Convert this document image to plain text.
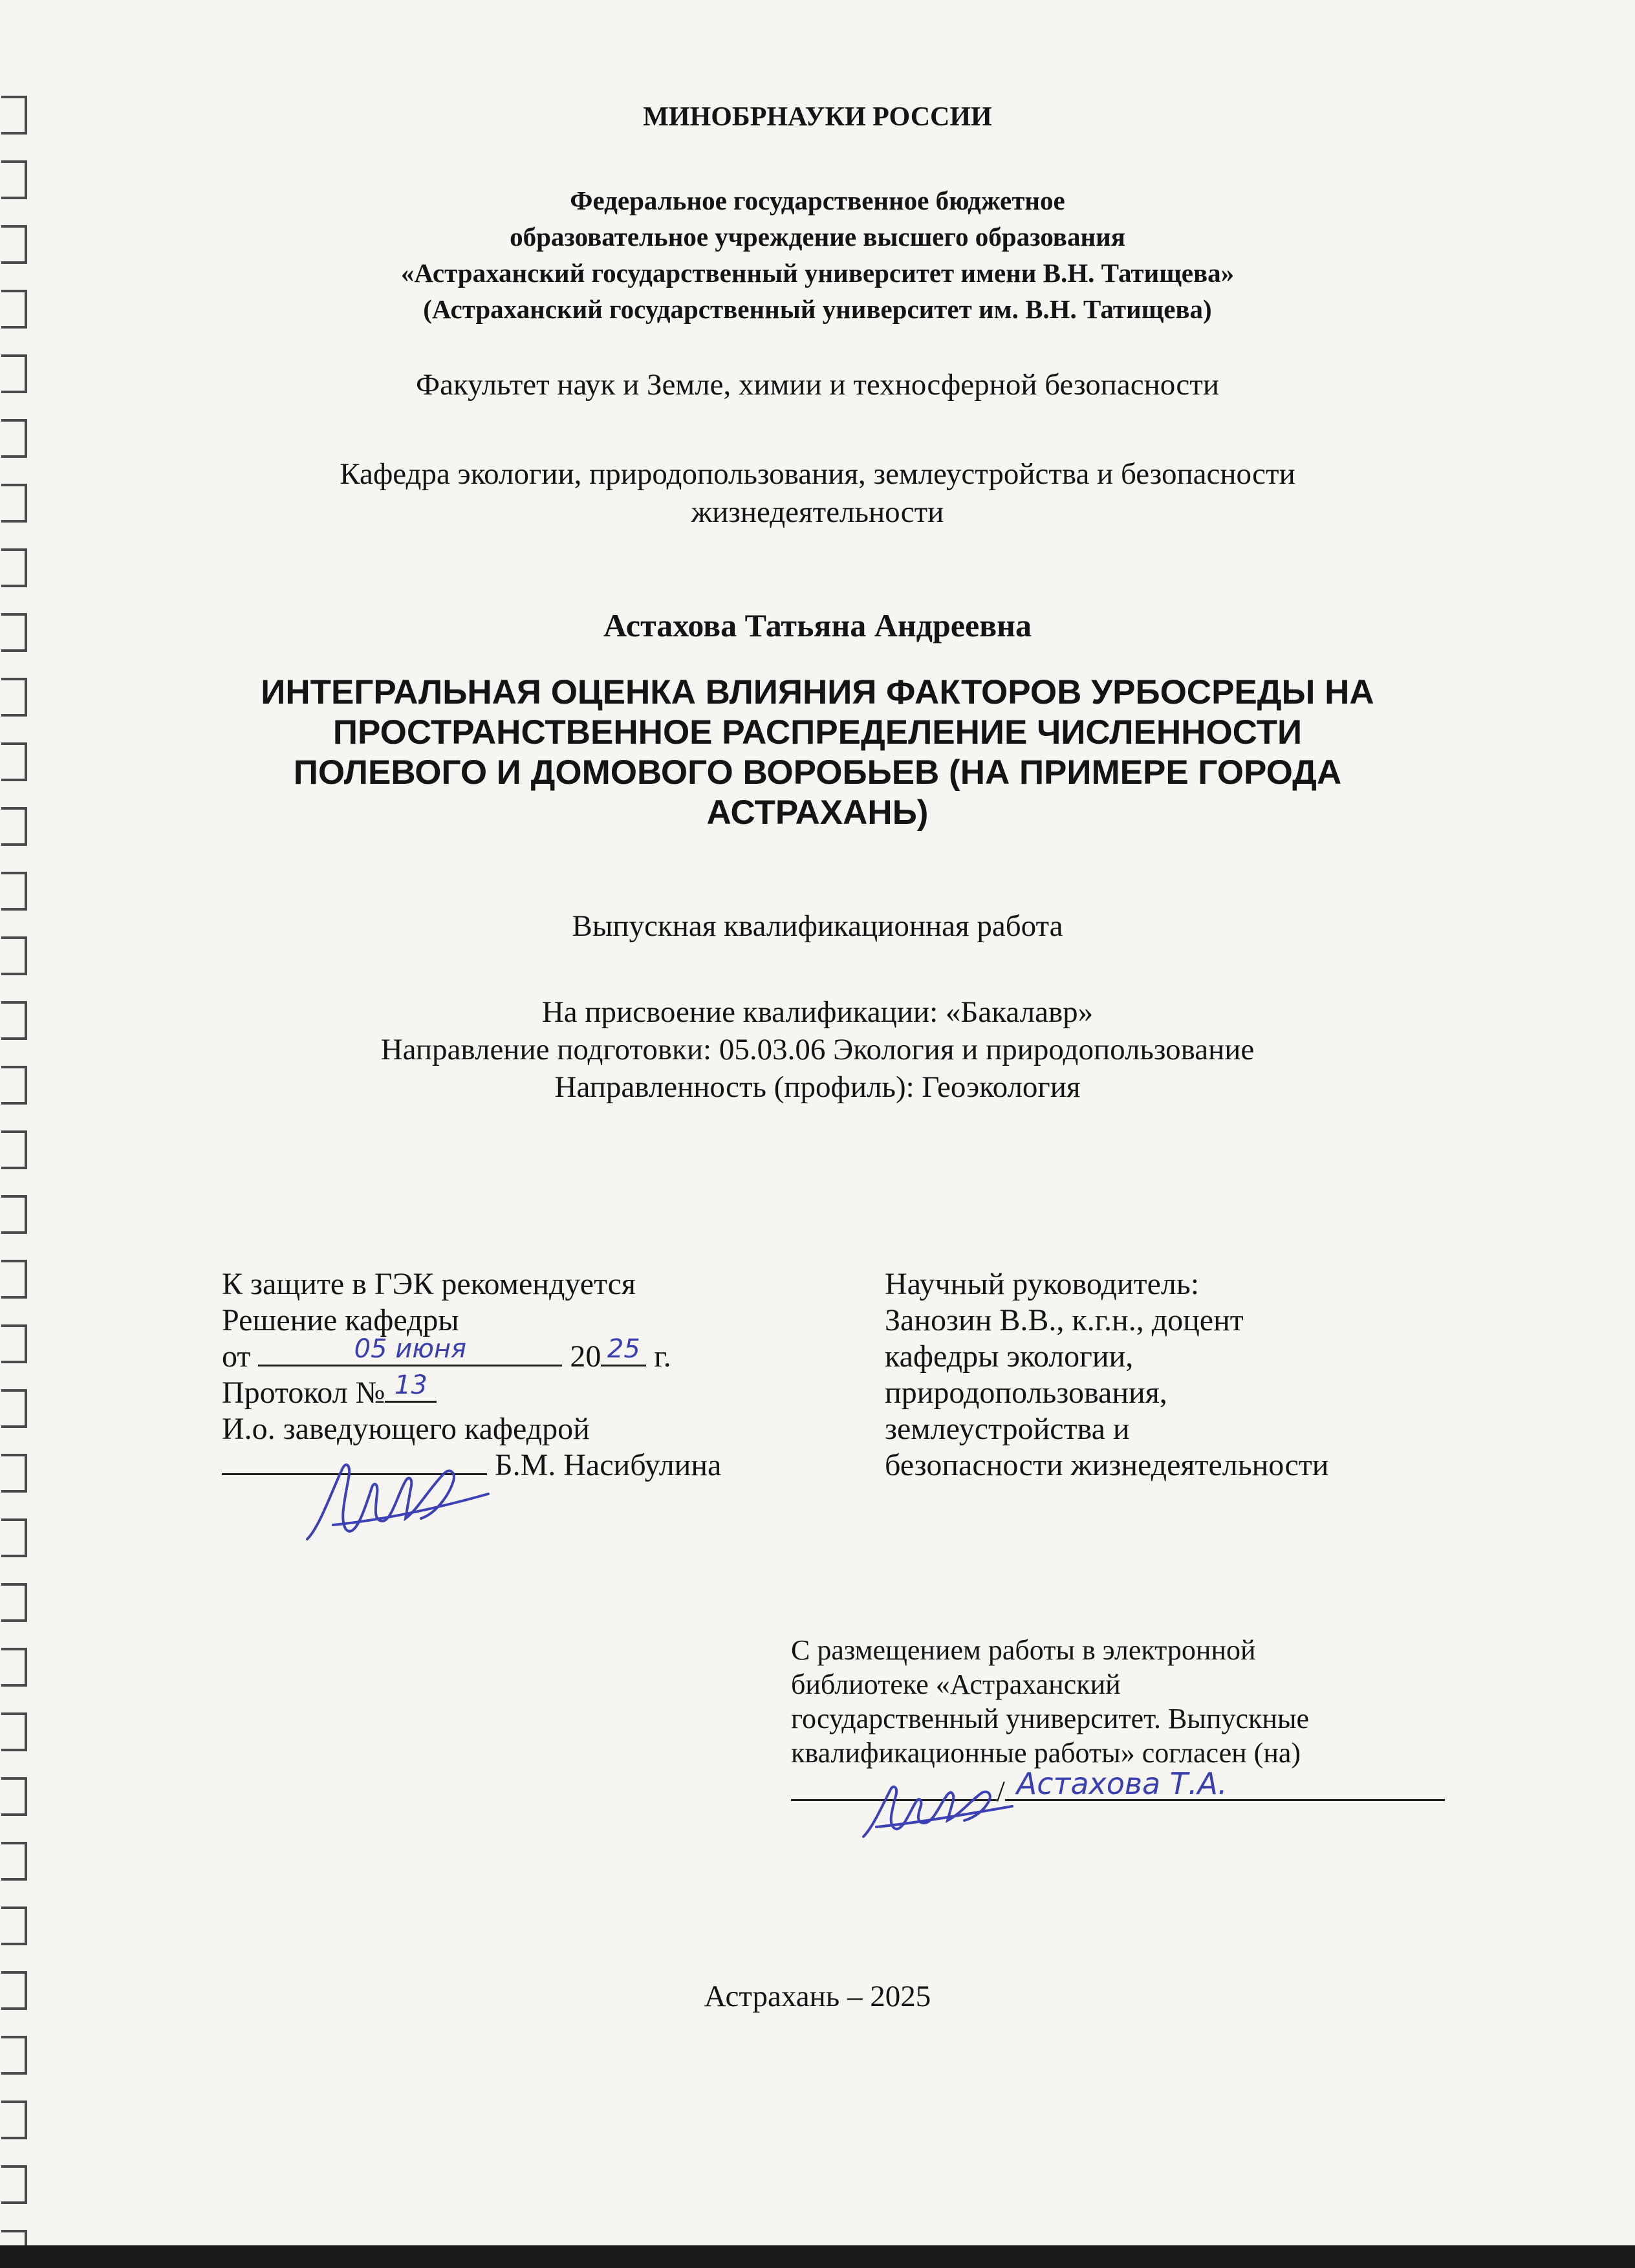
МИНОБРНАУКИ РОССИИ
Федеральное государственное бюджетное
образовательное учреждение высшего образования
«Астраханский государственный университет имени В.Н. Татищева»
(Астраханский государственный университет им. В.Н. Татищева)
Факультет наук и Земле, химии и техносферной безопасности
Кафедра экологии, природопользования, землеустройства и безопасности
жизнедеятельности
Астахова Татьяна Андреевна
ИНТЕГРАЛЬНАЯ ОЦЕНКА ВЛИЯНИЯ ФАКТОРОВ УРБОСРЕДЫ НА
ПРОСТРАНСТВЕННОЕ РАСПРЕДЕЛЕНИЕ ЧИСЛЕННОСТИ
ПОЛЕВОГО И ДОМОВОГО ВОРОБЬЕВ (НА ПРИМЕРЕ ГОРОДА
АСТРАХАНЬ)
Выпускная квалификационная работа
На присвоение квалификации: «Бакалавр»
Направление подготовки: 05.03.06 Экология и природопользование
Направленность (профиль): Геоэкология
К защите в ГЭК рекомендуется
Решение кафедры
от	05 июня	20 25 г.
Протокол № 13
И.о. заведующего кафедрой
Б.М. Насибулина
Научный руководитель:
Занозин В.В., к.г.н., доцент
кафедры экологии,
природопользования,
землеустройства и
безопасности жизнедеятельности
С размещением работы в электронной
библиотеке «Астраханский
государственный университет. Выпускные
квалификационные работы» согласен (на)
/ Астахова Т.А.
Астрахань – 2025
